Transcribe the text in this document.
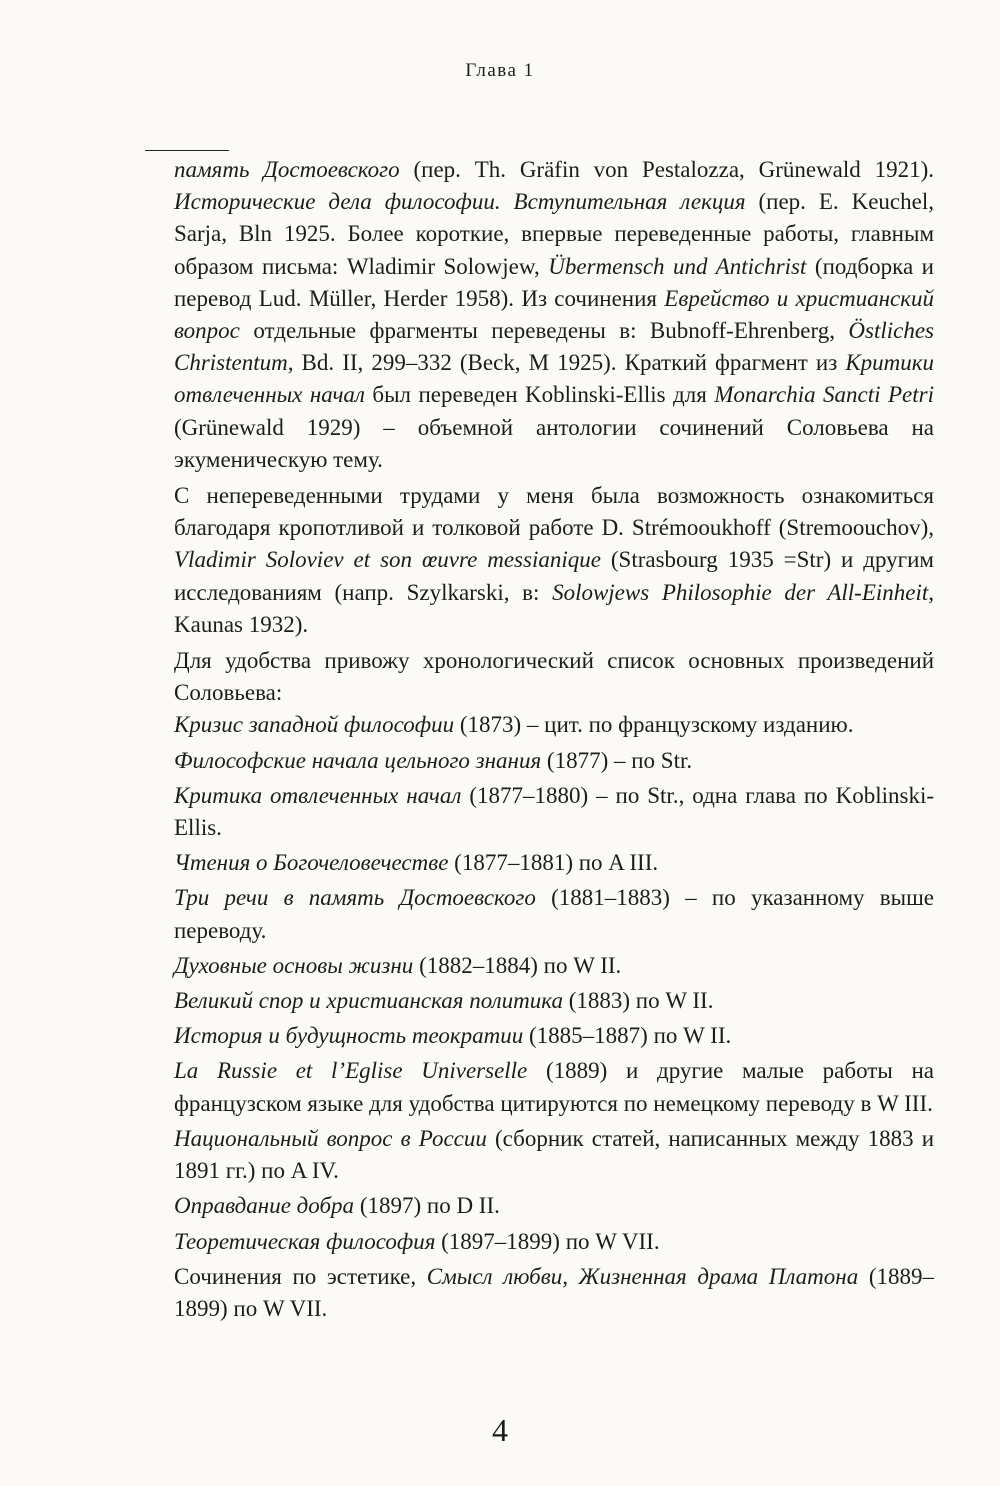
Глава 1

память Достоевского (пер. Th. Gräfin von Pestalozza, Grünewald 1921). Исторические дела философии. Вступительная лекция (пер. E. Keuchel, Sarja, Bln 1925. Более короткие, впервые переведенные работы, главным образом письма: Wladimir Solowjew, Übermensch und Antichrist (подборка и перевод Lud. Müller, Herder 1958). Из сочинения Еврейство и христианский вопрос отдельные фрагменты переведены в: Bubnoff-Ehrenberg, Östliches Christentum, Bd. II, 299–332 (Beck, M 1925). Краткий фрагмент из Критики отвлеченных начал был переведен Koblinski-Ellis для Monarchia Sancti Petri (Grünewald 1929) – объемной антологии сочинений Соловьева на экуменическую тему.

С непереведенными трудами у меня была возможность ознакомиться благодаря кропотливой и толковой работе D. Strémooukhoff (Stremoouchov), Vladimir Soloviev et son œuvre messianique (Strasbourg 1935 =Str) и другим исследованиям (напр. Szylkarski, в: Solowjews Philosophie der All-Einheit, Kaunas 1932).

Для удобства привожу хронологический список основных произведений Соловьева:

Кризис западной философии (1873) – цит. по французскому изданию.

Философские начала цельного знания (1877) – по Str.

Критика отвлеченных начал (1877–1880) – по Str., одна глава по Koblinski-Ellis.

Чтения о Богочеловечестве (1877–1881) по A III.

Три речи в память Достоевского (1881–1883) – по указанному выше переводу.

Духовные основы жизни (1882–1884) по W II.

Великий спор и христианская политика (1883) по W II.

История и будущность теократии (1885–1887) по W II.

La Russie et l’Eglise Universelle (1889) и другие малые работы на французском языке для удобства цитируются по немецкому переводу в W III.

Национальный вопрос в России (сборник статей, написанных между 1883 и 1891 гг.) по A IV.

Оправдание добра (1897) по D II.

Теоретическая философия (1897–1899) по W VII.

Сочинения по эстетике, Смысл любви, Жизненная драма Платона (1889–1899) по W VII.

4
